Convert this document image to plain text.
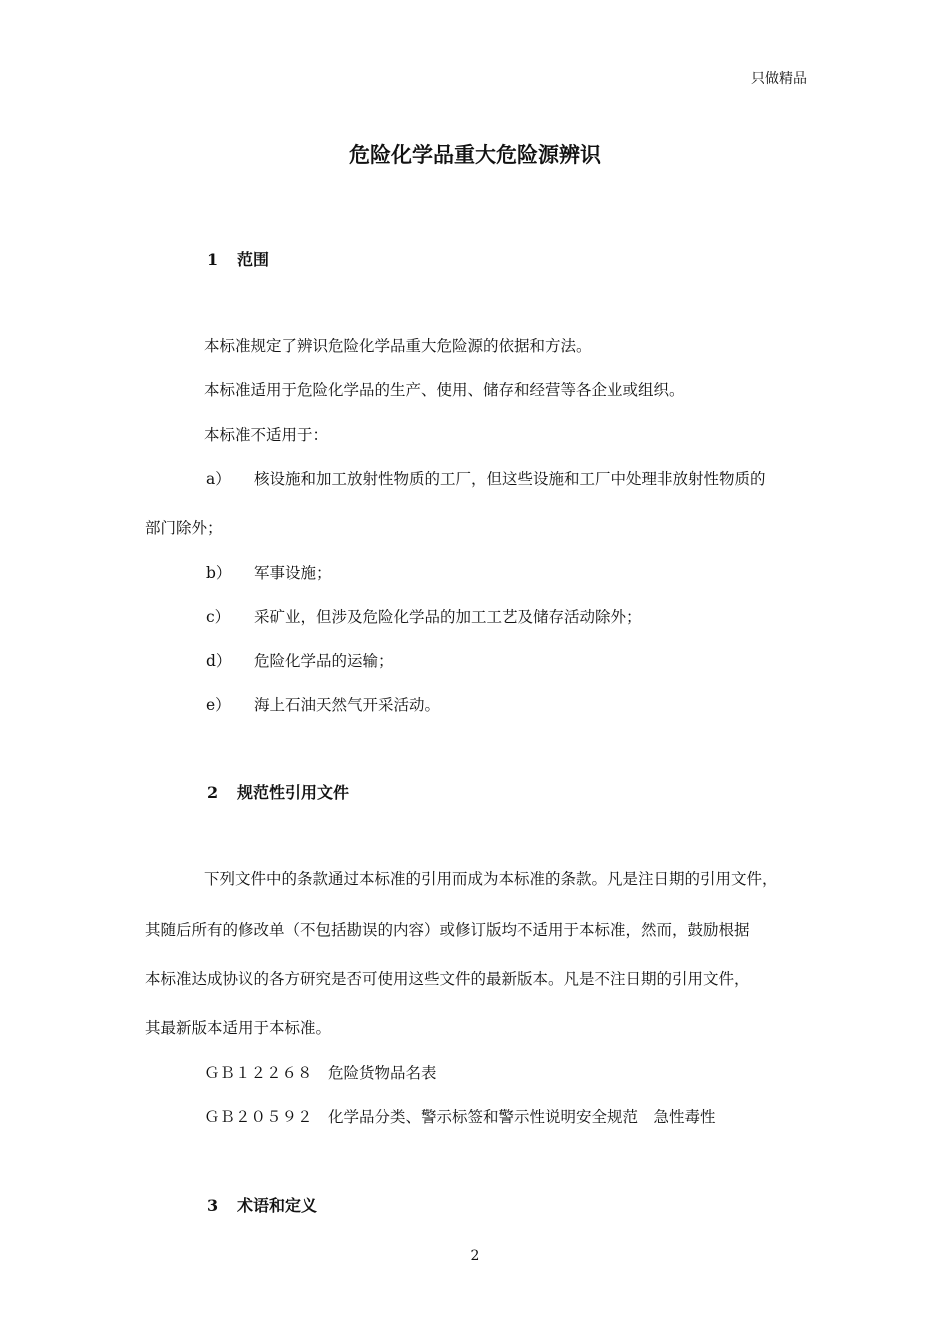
只做精品
危险化学品重大危险源辨识
1 范围
本标准规定了辨识危险化学品重大危险源的依据和方法。
本标准适用于危险化学品的生产、使用、储存和经营等各企业或组织。
本标准不适用于：
a） 核设施和加工放射性物质的工厂，但这些设施和工厂中处理非放射性物质的
部门除外；
b） 军事设施；
c） 采矿业，但涉及危险化学品的加工工艺及储存活动除外；
d） 危险化学品的运输；
e） 海上石油天然气开采活动。
2 规范性引用文件
下列文件中的条款通过本标准的引用而成为本标准的条款。凡是注日期的引用文件，
其随后所有的修改单（不包括勘误的内容）或修订版均不适用于本标准，然而，鼓励根据
本标准达成协议的各方研究是否可使用这些文件的最新版本。凡是不注日期的引用文件，
其最新版本适用于本标准。
ＧＢ１２２６８　 危险货物品名表
ＧＢ２０５９２　 化学品分类、警示标签和警示性说明安全规范　急性毒性
3 术语和定义
2
